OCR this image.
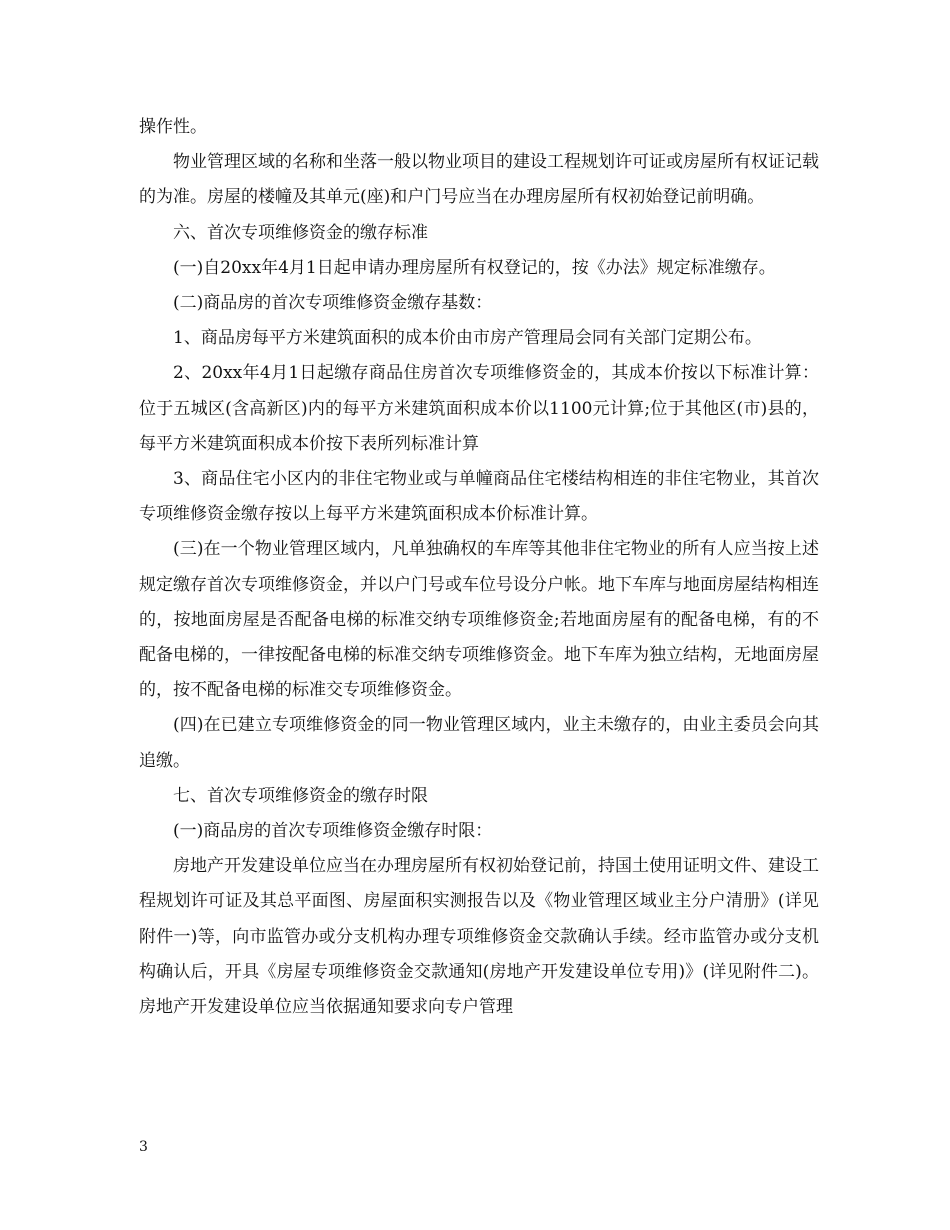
操作性。

物业管理区域的名称和坐落一般以物业项目的建设工程规划许可证或房屋所有权证记载的为准。房屋的楼幢及其单元(座)和户门号应当在办理房屋所有权初始登记前明确。

六、首次专项维修资金的缴存标准

(一)自20xx年4月1日起申请办理房屋所有权登记的，按《办法》规定标准缴存。

(二)商品房的首次专项维修资金缴存基数：

1、商品房每平方米建筑面积的成本价由市房产管理局会同有关部门定期公布。

2、20xx年4月1日起缴存商品住房首次专项维修资金的，其成本价按以下标准计算：位于五城区(含高新区)内的每平方米建筑面积成本价以1100元计算;位于其他区(市)县的，每平方米建筑面积成本价按下表所列标准计算

3、商品住宅小区内的非住宅物业或与单幢商品住宅楼结构相连的非住宅物业，其首次专项维修资金缴存按以上每平方米建筑面积成本价标准计算。

(三)在一个物业管理区域内，凡单独确权的车库等其他非住宅物业的所有人应当按上述规定缴存首次专项维修资金，并以户门号或车位号设分户帐。地下车库与地面房屋结构相连的，按地面房屋是否配备电梯的标准交纳专项维修资金;若地面房屋有的配备电梯，有的不配备电梯的，一律按配备电梯的标准交纳专项维修资金。地下车库为独立结构，无地面房屋的，按不配备电梯的标准交专项维修资金。

(四)在已建立专项维修资金的同一物业管理区域内，业主未缴存的，由业主委员会向其追缴。

七、首次专项维修资金的缴存时限

(一)商品房的首次专项维修资金缴存时限：

房地产开发建设单位应当在办理房屋所有权初始登记前，持国土使用证明文件、建设工程规划许可证及其总平面图、房屋面积实测报告以及《物业管理区域业主分户清册》(详见附件一)等，向市监管办或分支机构办理专项维修资金交款确认手续。经市监管办或分支机构确认后，开具《房屋专项维修资金交款通知(房地产开发建设单位专用)》(详见附件二)。房地产开发建设单位应当依据通知要求向专户管理

3
